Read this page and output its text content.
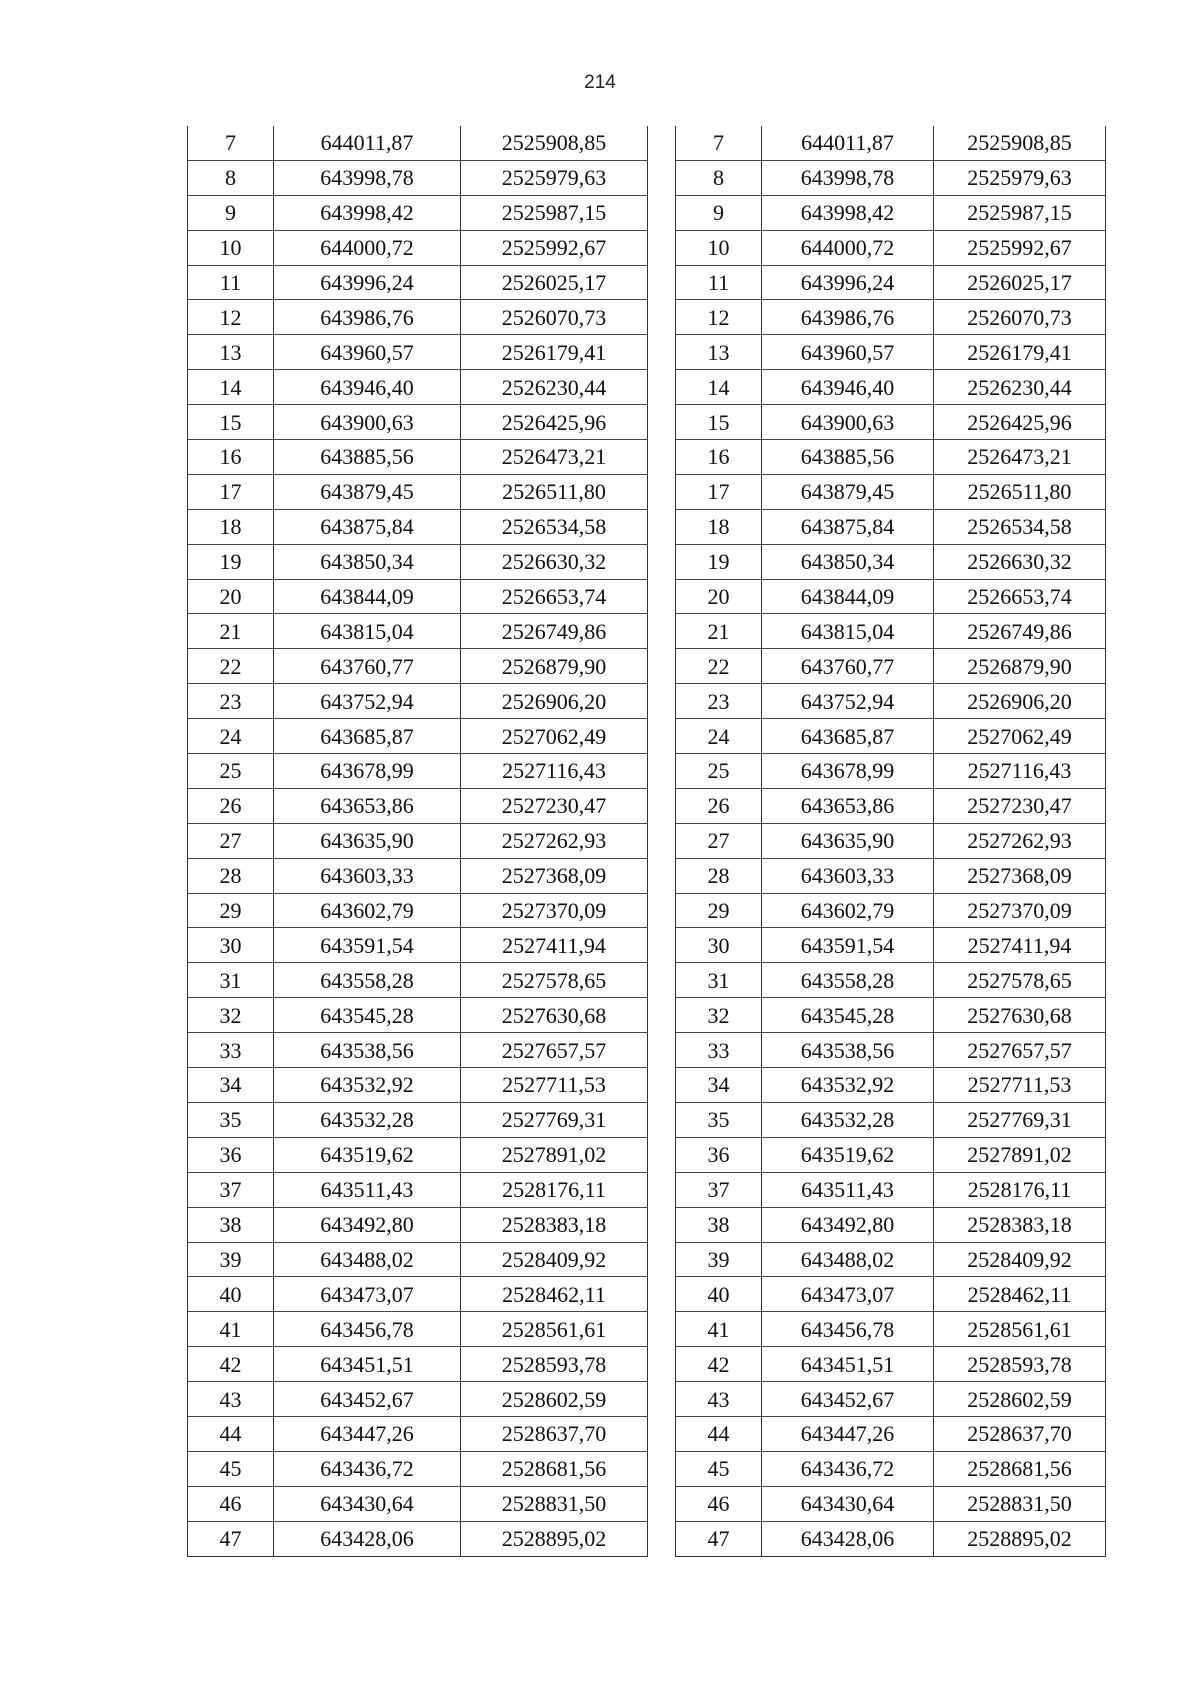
214
7	644011,87	2525908,85
8	643998,78	2525979,63
9	643998,42	2525987,15
10	644000,72	2525992,67
11	643996,24	2526025,17
12	643986,76	2526070,73
13	643960,57	2526179,41
14	643946,40	2526230,44
15	643900,63	2526425,96
16	643885,56	2526473,21
17	643879,45	2526511,80
18	643875,84	2526534,58
19	643850,34	2526630,32
20	643844,09	2526653,74
21	643815,04	2526749,86
22	643760,77	2526879,90
23	643752,94	2526906,20
24	643685,87	2527062,49
25	643678,99	2527116,43
26	643653,86	2527230,47
27	643635,90	2527262,93
28	643603,33	2527368,09
29	643602,79	2527370,09
30	643591,54	2527411,94
31	643558,28	2527578,65
32	643545,28	2527630,68
33	643538,56	2527657,57
34	643532,92	2527711,53
35	643532,28	2527769,31
36	643519,62	2527891,02
37	643511,43	2528176,11
38	643492,80	2528383,18
39	643488,02	2528409,92
40	643473,07	2528462,11
41	643456,78	2528561,61
42	643451,51	2528593,78
43	643452,67	2528602,59
44	643447,26	2528637,70
45	643436,72	2528681,56
46	643430,64	2528831,50
47	643428,06	2528895,02
7	644011,87	2525908,85
8	643998,78	2525979,63
9	643998,42	2525987,15
10	644000,72	2525992,67
11	643996,24	2526025,17
12	643986,76	2526070,73
13	643960,57	2526179,41
14	643946,40	2526230,44
15	643900,63	2526425,96
16	643885,56	2526473,21
17	643879,45	2526511,80
18	643875,84	2526534,58
19	643850,34	2526630,32
20	643844,09	2526653,74
21	643815,04	2526749,86
22	643760,77	2526879,90
23	643752,94	2526906,20
24	643685,87	2527062,49
25	643678,99	2527116,43
26	643653,86	2527230,47
27	643635,90	2527262,93
28	643603,33	2527368,09
29	643602,79	2527370,09
30	643591,54	2527411,94
31	643558,28	2527578,65
32	643545,28	2527630,68
33	643538,56	2527657,57
34	643532,92	2527711,53
35	643532,28	2527769,31
36	643519,62	2527891,02
37	643511,43	2528176,11
38	643492,80	2528383,18
39	643488,02	2528409,92
40	643473,07	2528462,11
41	643456,78	2528561,61
42	643451,51	2528593,78
43	643452,67	2528602,59
44	643447,26	2528637,70
45	643436,72	2528681,56
46	643430,64	2528831,50
47	643428,06	2528895,02
